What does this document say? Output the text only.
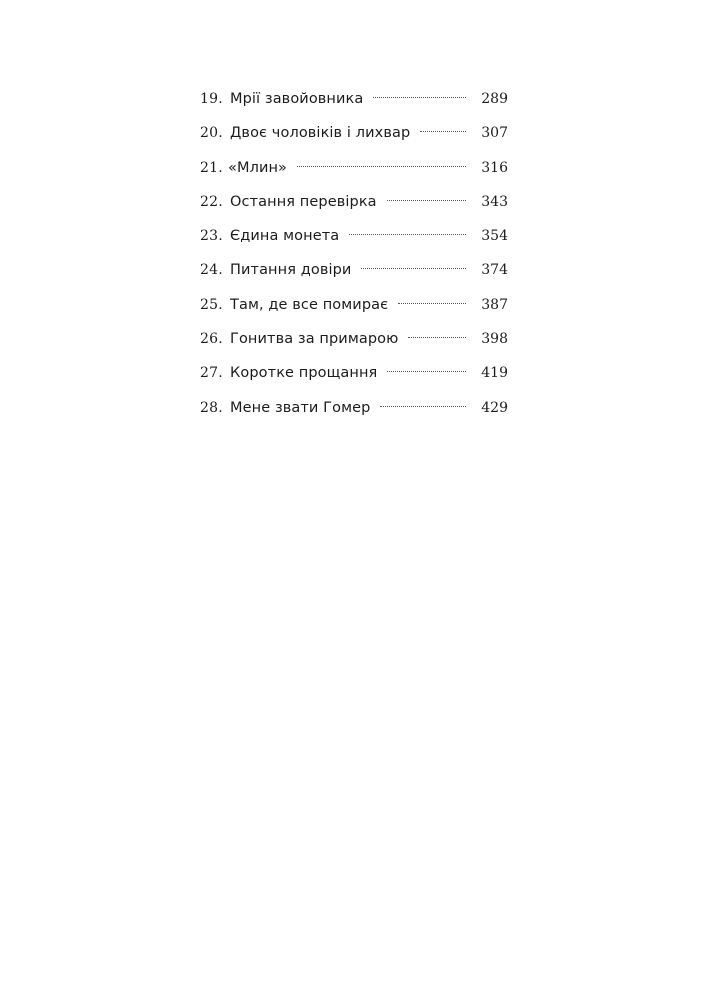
19. Мрії завойовника	289
20. Двоє чоловіків і лихвар	307
21. «Млин»	316
22. Остання перевірка	343
23. Єдина монета	354
24. Питання довіри	374
25. Там, де все помирає	387
26. Гонитва за примарою	398
27. Коротке прощання	419
28. Мене звати Гомер	429
